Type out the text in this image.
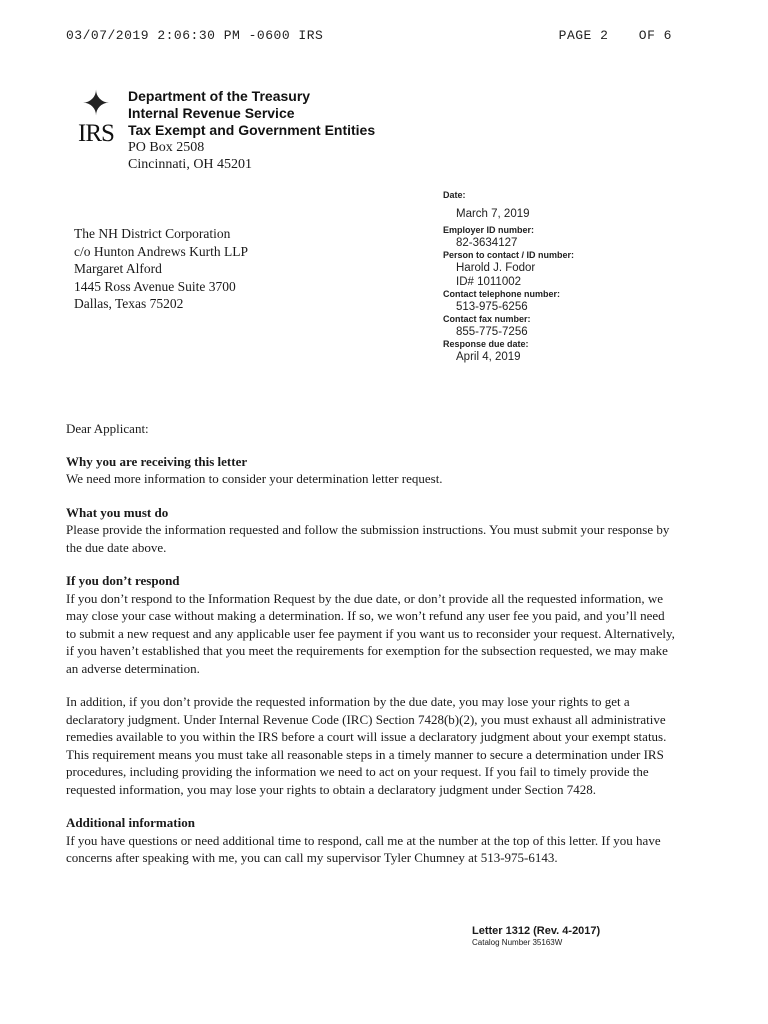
03/07/2019 2:06:30 PM -0600 IRS	PAGE 2 OF 6
✦
IRS
Department of the Treasury
Internal Revenue Service
Tax Exempt and Government Entities
PO Box 2508
Cincinnati, OH 45201
Date:
March 7, 2019
Employer ID number:
82-3634127
Person to contact / ID number:
Harold J. Fodor
ID# 1011002
Contact telephone number:
513-975-6256
Contact fax number:
855-775-7256
Response due date:
April 4, 2019
The NH District Corporation
c/o Hunton Andrews Kurth LLP
Margaret Alford
1445 Ross Avenue Suite 3700
Dallas, Texas 75202

Dear Applicant:

Why you are receiving this letter

We need more information to consider your determination letter request.

What you must do

Please provide the information requested and follow the submission instructions. You must submit your response by the due date above.

If you don’t respond

If you don’t respond to the Information Request by the due date, or don’t provide all the requested information, we may close your case without making a determination. If so, we won’t refund any user fee you paid, and you’ll need to submit a new request and any applicable user fee payment if you want us to reconsider your request. Alternatively, if you haven’t established that you meet the requirements for exemption for the subsection requested, we may make an adverse determination.

In addition, if you don’t provide the requested information by the due date, you may lose your rights to get a declaratory judgment. Under Internal Revenue Code (IRC) Section 7428(b)(2), you must exhaust all administrative remedies available to you within the IRS before a court will issue a declaratory judgment about your exempt status. This requirement means you must take all reasonable steps in a timely manner to secure a determination under IRS procedures, including providing the information we need to act on your request. If you fail to timely provide the requested information, you may lose your rights to obtain a declaratory judgment under Section 7428.

Additional information

If you have questions or need additional time to respond, call me at the number at the top of this letter. If you have concerns after speaking with me, you can call my supervisor Tyler Chumney at 513-975-6143.

Letter 1312 (Rev. 4-2017)
Catalog Number 35163W
